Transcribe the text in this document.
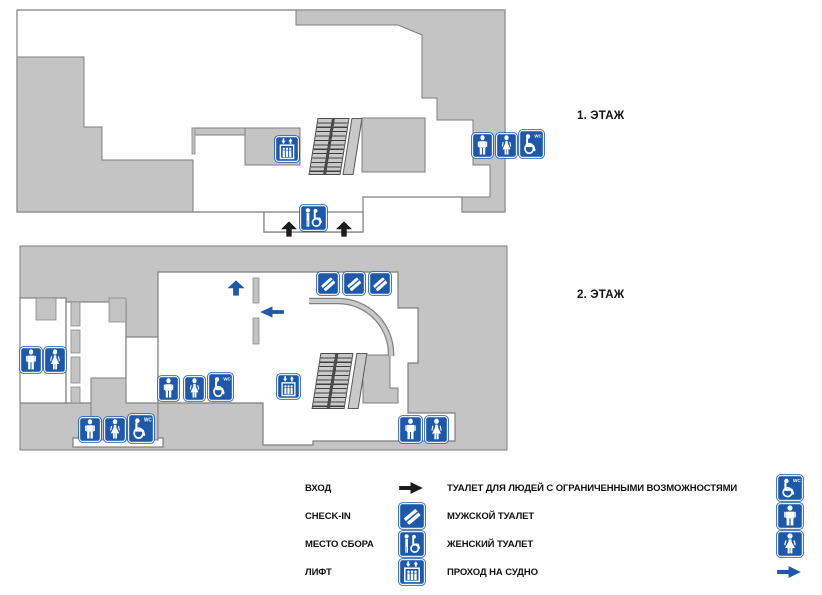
1. ЭТАЖ
2. ЭТАЖ
ВХОД
CHECK-IN
МЕСТО СБОРА
ЛИФТ
ТУАЛЕТ ДЛЯ ЛЮДЕЙ С ОГРАНИЧЕННЫМИ ВОЗМОЖНОСТЯМИ
МУЖСКОЙ ТУАЛЕТ
ЖЕНСКИЙ ТУАЛЕТ
ПРОХОД НА СУДНО
